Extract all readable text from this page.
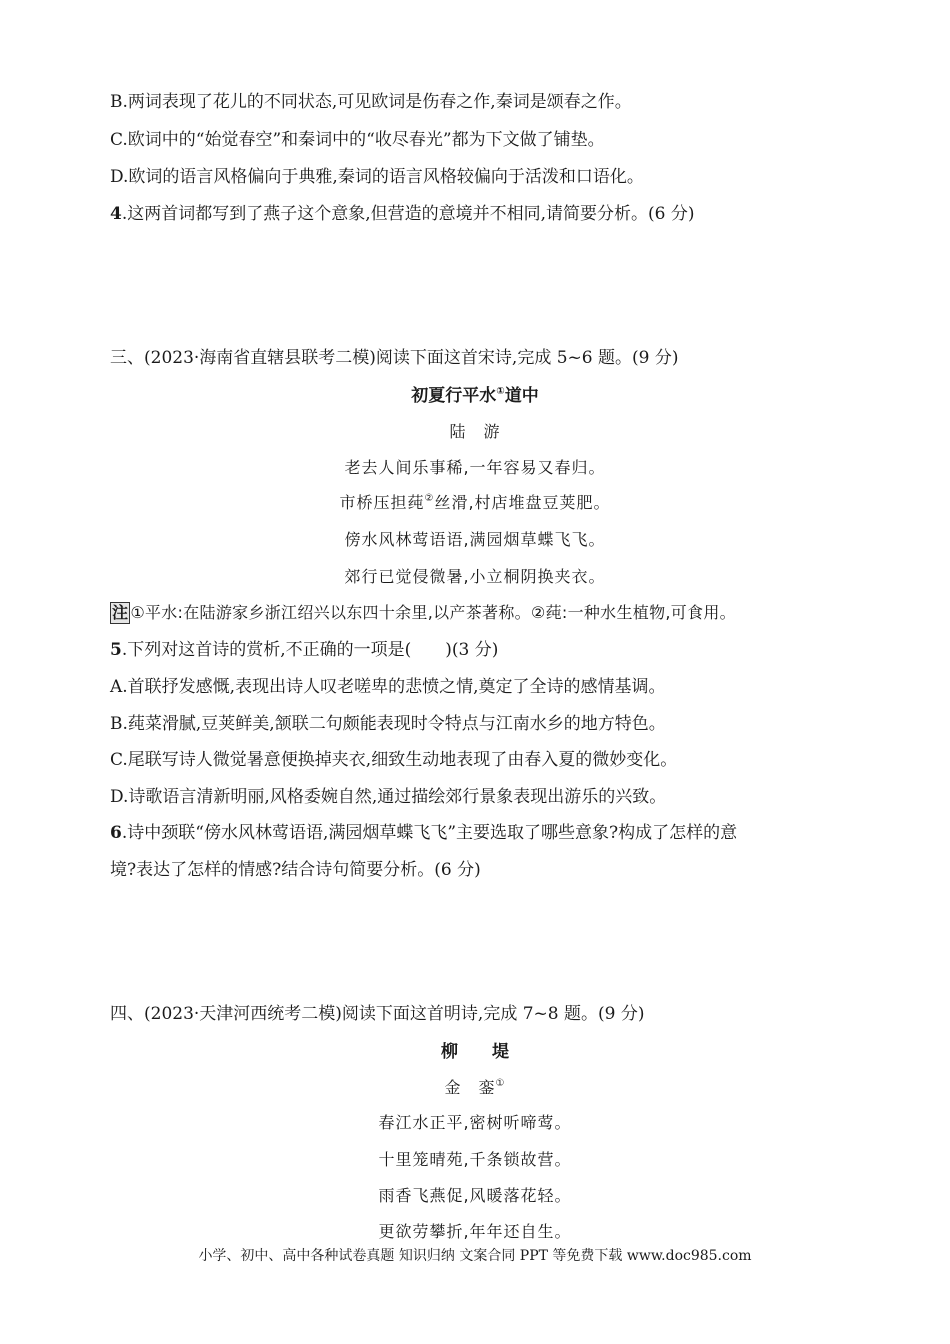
B.两词表现了花儿的不同状态,可见欧词是伤春之作,秦词是颂春之作。
C.欧词中的“始觉春空”和秦词中的“收尽春光”都为下文做了铺垫。
D.欧词的语言风格偏向于典雅,秦词的语言风格较偏向于活泼和口语化。
4.这两首词都写到了燕子这个意象,但营造的意境并不相同,请简要分析。(6 分)
三、(2023·海南省直辖县联考二模)阅读下面这首宋诗,完成 5~6 题。(9 分)
初夏行平水①道中
陆　游
老去人间乐事稀,一年容易又春归。
市桥压担莼②丝滑,村店堆盘豆荚肥。
傍水风林莺语语,满园烟草蝶飞飞。
郊行已觉侵微暑,小立桐阴换夹衣。
注 ①平水:在陆游家乡浙江绍兴以东四十余里,以产茶著称。②莼:一种水生植物,可食用。
5.下列对这首诗的赏析,不正确的一项是(　　)(3 分)
A.首联抒发感慨,表现出诗人叹老嗟卑的悲愤之情,奠定了全诗的感情基调。
B.莼菜滑腻,豆荚鲜美,颔联二句颇能表现时令特点与江南水乡的地方特色。
C.尾联写诗人微觉暑意便换掉夹衣,细致生动地表现了由春入夏的微妙变化。
D.诗歌语言清新明丽,风格委婉自然,通过描绘郊行景象表现出游乐的兴致。
6.诗中颈联“傍水风林莺语语,满园烟草蝶飞飞”主要选取了哪些意象?构成了怎样的意
境?表达了怎样的情感?结合诗句简要分析。(6 分)
四、(2023·天津河西统考二模)阅读下面这首明诗,完成 7~8 题。(9 分)
柳　　堤
金　銮①
春江水正平,密树听啼莺。
十里笼晴苑,千条锁故营。
雨香飞燕促,风暖落花轻。
更欲劳攀折,年年还自生。
小学、初中、高中各种试卷真题 知识归纳 文案合同 PPT 等免费下载 www.doc985.com
